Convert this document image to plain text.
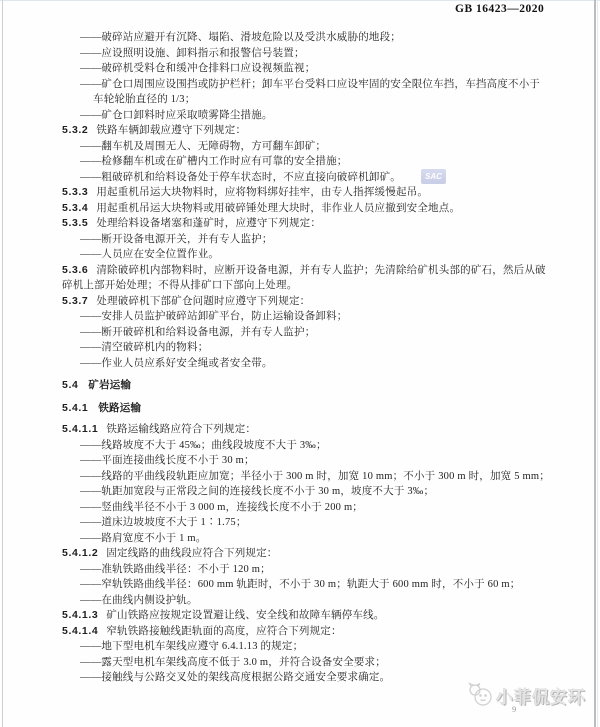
GB 16423—2020
——破碎站应避开有沉降、塌陷、滑坡危险以及受洪水威胁的地段；
——应设照明设施、卸料指示和报警信号装置；
——破碎机受料仓和缓冲仓排料口应设视频监视；
——矿仓口周围应设围挡或防护栏杆；卸车平台受料口应设牢固的安全限位车挡，车挡高度不小于
车轮轮胎直径的 1/3；
——矿仓口卸料时应采取喷雾降尘措施。
5.3.2 铁路车辆卸载应遵守下列规定：
——翻车机及周围无人、无障碍物，方可翻车卸矿；
——检修翻车机或在矿槽内工作时应有可靠的安全措施；
——粗破碎机和给料设备处于停车状态时，不应直接向破碎机卸矿。
5.3.3 用起重机吊运大块物料时，应将物料绑好挂牢，由专人指挥缓慢起吊。
5.3.4 用起重机吊运大块物料或用破碎锤处理大块时，非作业人员应撤到安全地点。
5.3.5 处理给料设备堵塞和蓬矿时，应遵守下列规定：
——断开设备电源开关，并有专人监护；
——人员应在安全位置作业。
5.3.6 清除破碎机内部物料时，应断开设备电源，并有专人监护；先清除给矿机头部的矿石，然后从破
碎机上部开始处理；不得从排矿口下部向上处理。
5.3.7 处理破碎机下部矿仓问题时应遵守下列规定：
——安排人员监护破碎站卸矿平台，防止运输设备卸料；
——断开破碎机和给料设备电源，并有专人监护；
——清空破碎机内的物料；
——作业人员应系好安全绳或者安全带。
5.4 矿岩运输
5.4.1 铁路运输
5.4.1.1 铁路运输线路应符合下列规定：
——线路坡度不大于 45‰；曲线段坡度不大于 3‰；
——平面连接曲线长度不小于 30 m；
——线路的平曲线段轨距应加宽；半径小于 300 m 时，加宽 10 mm；不小于 300 m 时，加宽 5 mm；
——轨距加宽段与正常段之间的连接线长度不小于 30 m，坡度不大于 3‰；
——竖曲线半径不小于 3 000 m，连接线长度不小于 200 m；
——道床边坡坡度不大于 1∶1.75；
——路肩宽度不小于 1 m。
5.4.1.2 固定线路的曲线段应符合下列规定：
——准轨铁路曲线半径：不小于 120 m；
——窄轨铁路曲线半径：600 mm 轨距时，不小于 30 m；轨距大于 600 mm 时，不小于 60 m；
——在曲线内侧设护轨。
5.4.1.3 矿山铁路应按规定设置避让线、安全线和故障车辆停车线。
5.4.1.4 窄轨铁路接触线距轨面的高度，应符合下列规定：
——地下型电机车架线应遵守 6.4.1.13 的规定；
——露天型电机车架线高度不低于 3.0 m，并符合设备安全要求；
——接触线与公路交叉处的架线高度根据公路交通安全要求确定。
SAC
小菲侃安环
9
